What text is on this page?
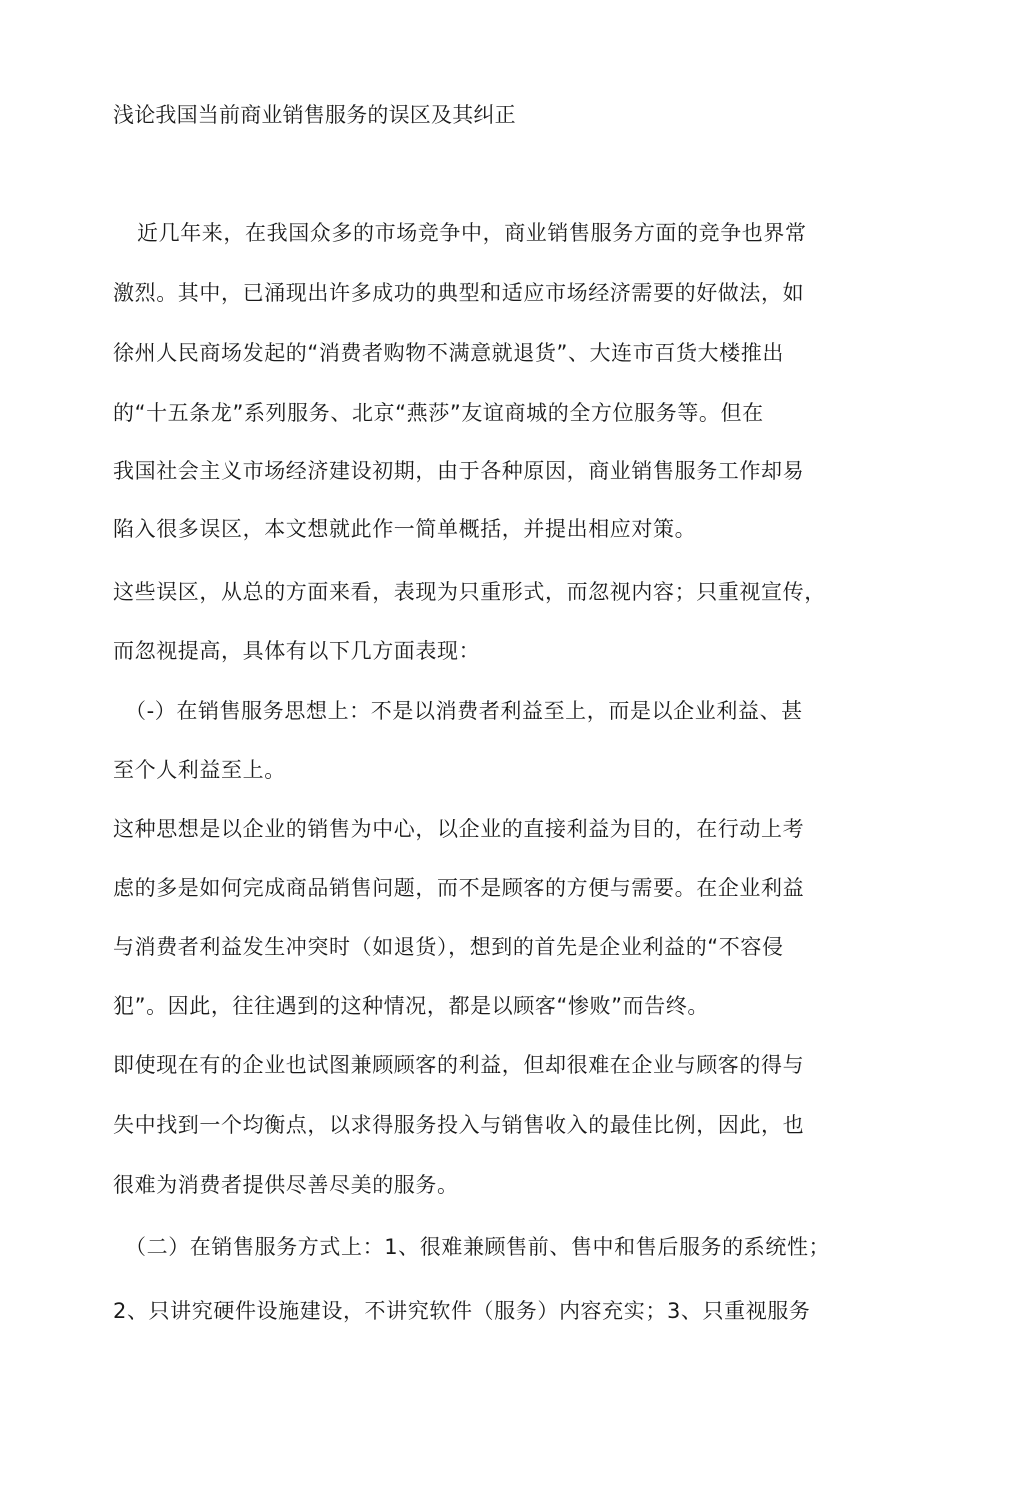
浅论我国当前商业销售服务的误区及其纠正
近几年来，在我国众多的市场竞争中，商业销售服务方面的竞争也界常
激烈。其中，已涌现出许多成功的典型和适应市场经济需要的好做法，如
徐州人民商场发起的“消费者购物不满意就退货”、大连市百货大楼推出
的“十五条龙”系列服务、北京“燕莎”友谊商城的全方位服务等。但在
我国社会主义市场经济建设初期，由于各种原因，商业销售服务工作却易
陷入很多误区，本文想就此作一简单概括，并提出相应对策。
这些误区，从总的方面来看，表现为只重形式，而忽视内容；只重视宣传，
而忽视提高，具体有以下几方面表现：
（-）在销售服务思想上：不是以消费者利益至上，而是以企业利益、甚
至个人利益至上。
这种思想是以企业的销售为中心，以企业的直接利益为目的，在行动上考
虑的多是如何完成商品销售问题，而不是顾客的方便与需要。在企业利益
与消费者利益发生冲突时（如退货），想到的首先是企业利益的“不容侵
犯”。因此，往往遇到的这种情况，都是以顾客“惨败”而告终。
即使现在有的企业也试图兼顾顾客的利益，但却很难在企业与顾客的得与
失中找到一个均衡点，以求得服务投入与销售收入的最佳比例，因此，也
很难为消费者提供尽善尽美的服务。
（二）在销售服务方式上：1、很难兼顾售前、售中和售后服务的系统性；
2、只讲究硬件设施建设，不讲究软件（服务）内容充实；3、只重视服务
